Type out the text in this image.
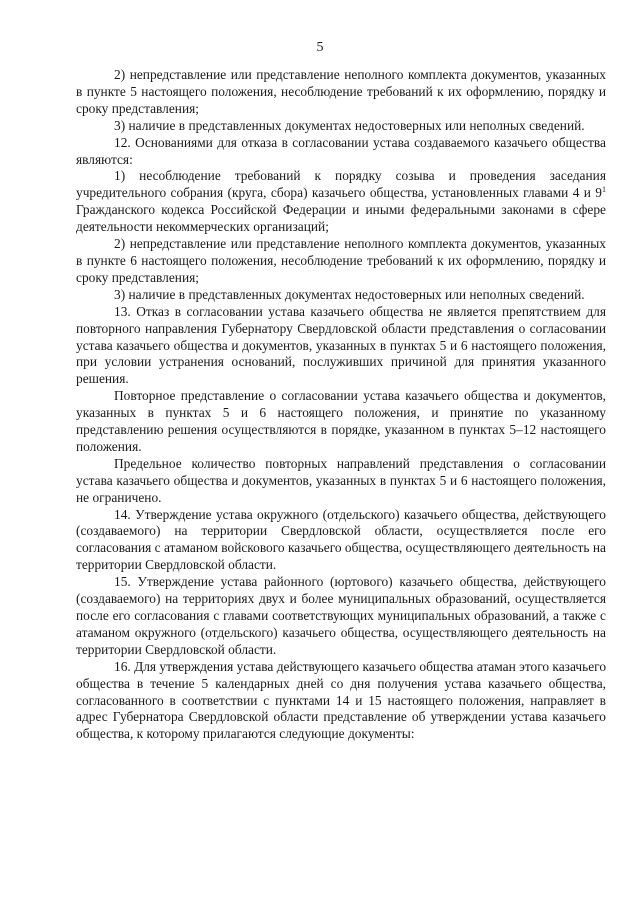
5

2) непредставление или представление неполного комплекта документов, указанных в пункте 5 настоящего положения, несоблюдение требований к их оформлению, порядку и сроку представления;

3) наличие в представленных документах недостоверных или неполных сведений.

12. Основаниями для отказа в согласовании устава создаваемого казачьего общества являются:

1) несоблюдение требований к порядку созыва и проведения заседания учредительного собрания (круга, сбора) казачьего общества, установленных главами 4 и $9^1$ Гражданского кодекса Российской Федерации и иными федеральными законами в сфере деятельности некоммерческих организаций;

2) непредставление или представление неполного комплекта документов, указанных в пункте 6 настоящего положения, несоблюдение требований к их оформлению, порядку и сроку представления;

3) наличие в представленных документах недостоверных или неполных сведений.

13. Отказ в согласовании устава казачьего общества не является препятствием для повторного направления Губернатору Свердловской области представления о согласовании устава казачьего общества и документов, указанных в пунктах 5 и 6 настоящего положения, при условии устранения оснований, послуживших причиной для принятия указанного решения.

Повторное представление о согласовании устава казачьего общества и документов, указанных в пунктах 5 и 6 настоящего положения, и принятие по указанному представлению решения осуществляются в порядке, указанном в пунктах 5–12 настоящего положения.

Предельное количество повторных направлений представления о согласовании устава казачьего общества и документов, указанных в пунктах 5 и 6 настоящего положения, не ограничено.

14. Утверждение устава окружного (отдельского) казачьего общества, действующего (создаваемого) на территории Свердловской области, осуществляется после его согласования с атаманом войскового казачьего общества, осуществляющего деятельность на территории Свердловской области.

15. Утверждение устава районного (юртового) казачьего общества, действующего (создаваемого) на территориях двух и более муниципальных образований, осуществляется после его согласования с главами соответствующих муниципальных образований, а также с атаманом окружного (отдельского) казачьего общества, осуществляющего деятельность на территории Свердловской области.

16. Для утверждения устава действующего казачьего общества атаман этого казачьего общества в течение 5 календарных дней со дня получения устава казачьего общества, согласованного в соответствии с пунктами 14 и 15 настоящего положения, направляет в адрес Губернатора Свердловской области представление об утверждении устава казачьего общества, к которому прилагаются следующие документы:
